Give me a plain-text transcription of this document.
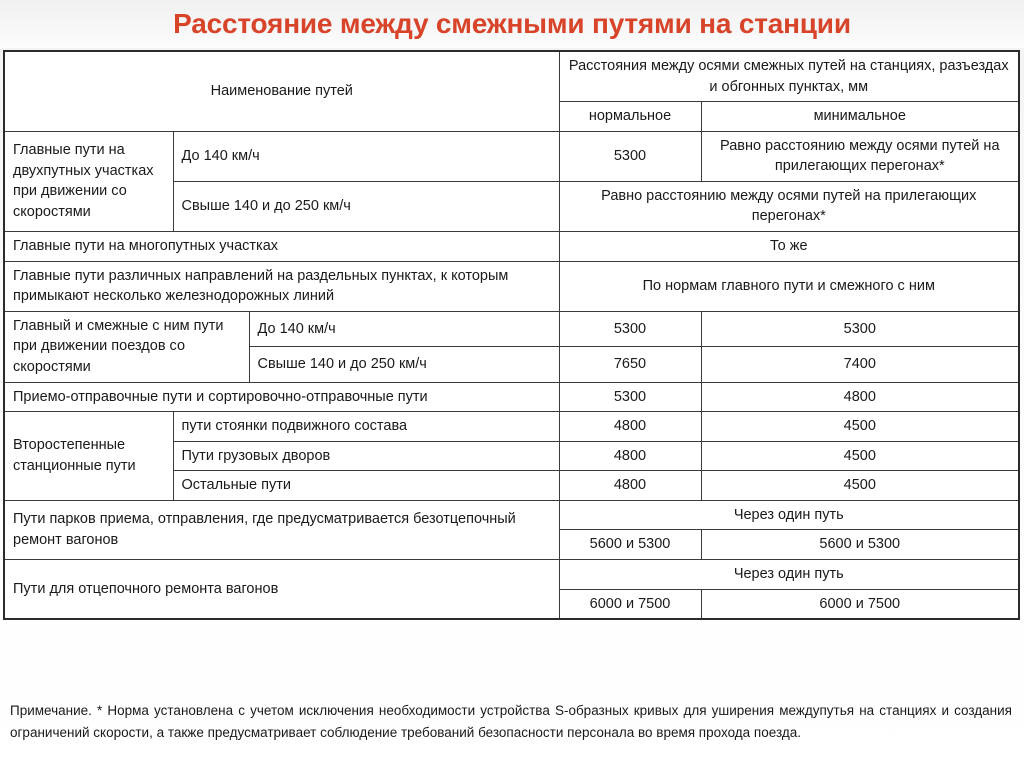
Расстояние между смежными путями на станции
Наименование путей			Расстояния между осями смежных путей на станциях, разъездах и обгонных пунктах, мм	
			нормальное	минимальное
Главные пути на двухпутных участках при движении со скоростями	До 140 км/ч		5300	Равно расстоянию между осями путей на прилегающих перегонах*
	Свыше 140 и до 250 км/ч		Равно расстоянию между осями путей на прилегающих перегонах*	
Главные пути на многопутных участках			То же	
Главные пути различных направлений на раздельных пунктах, к которым примыкают несколько железнодорожных линий			По нормам главного пути и смежного с ним	
Главный и смежные с ним пути при движении поездов со скоростями		До 140 км/ч	5300	5300
		Свыше 140 и до 250 км/ч	7650	7400
Приемо-отправочные пути и сортировочно-отправочные пути			5300	4800
Второстепенные станционные пути	пути стоянки подвижного состава		4800	4500
	Пути грузовых дворов		4800	4500
	Остальные пути		4800	4500
Пути парков приема, отправления, где предусматривается безотцепочный ремонт вагонов			Через один путь	
			5600 и 5300	5600 и 5300
Пути для отцепочного ремонта вагонов			Через один путь	
			6000 и 7500	6000 и 7500
Примечание. * Норма установлена с учетом исключения необходимости устройства S-образных кривых для уширения междупутья на станциях и создания ограничений скорости, а также предусматривает соблюдение требований безопасности персонала во время прохода поезда.
